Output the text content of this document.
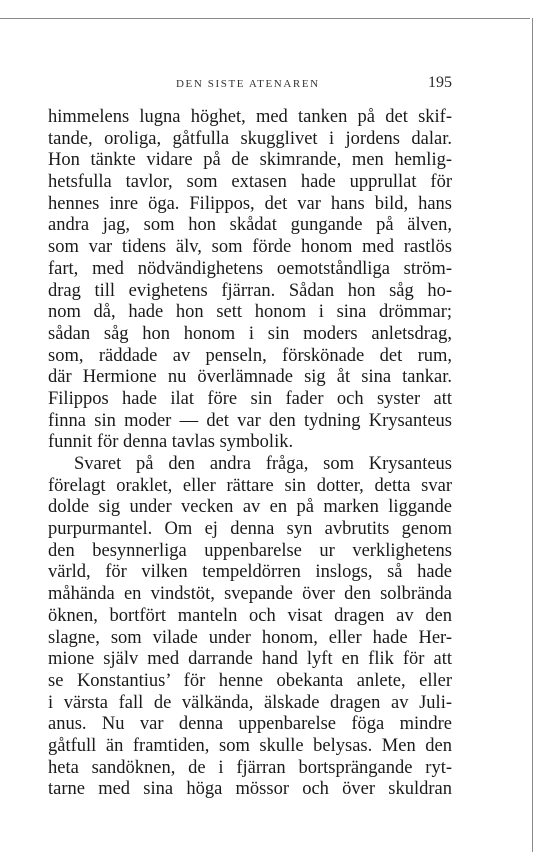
DEN SISTE ATENAREN	195
himmelens lugna höghet, med tanken på det skif-
tande, oroliga, gåtfulla skugglivet i jordens dalar.
Hon tänkte vidare på de skimrande, men hemlig-
hetsfulla tavlor, som extasen hade upprullat för
hennes inre öga. Filippos, det var hans bild, hans
andra jag, som hon skådat gungande på älven,
som var tidens älv, som förde honom med rastlös
fart, med nödvändighetens oemotståndliga ström-
drag till evighetens fjärran. Sådan hon såg ho-
nom då, hade hon sett honom i sina drömmar;
sådan såg hon honom i sin moders anletsdrag,
som, räddade av penseln, förskönade det rum,
där Hermione nu överlämnade sig åt sina tankar.
Filippos hade ilat före sin fader och syster att
finna sin moder — det var den tydning Krysanteus
funnit för denna tavlas symbolik.
Svaret på den andra fråga, som Krysanteus
förelagt oraklet, eller rättare sin dotter, detta svar
dolde sig under vecken av en på marken liggande
purpurmantel. Om ej denna syn avbrutits genom
den besynnerliga uppenbarelse ur verklighetens
värld, för vilken tempeldörren inslogs, så hade
måhända en vindstöt, svepande över den solbrända
öknen, bortfört manteln och visat dragen av den
slagne, som vilade under honom, eller hade Her-
mione själv med darrande hand lyft en flik för att
se Konstantius’ för henne obekanta anlete, eller
i värsta fall de välkända, älskade dragen av Juli-
anus. Nu var denna uppenbarelse föga mindre
gåtfull än framtiden, som skulle belysas. Men den
heta sandöknen, de i fjärran bortsprängande ryt-
tarne med sina höga mössor och över skuldran
